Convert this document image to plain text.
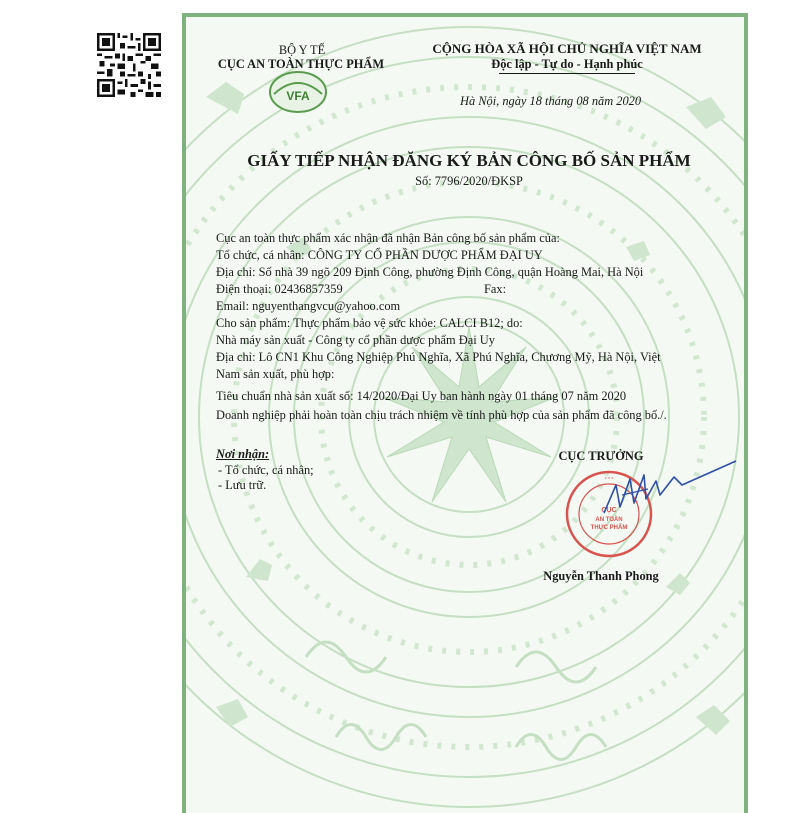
BỘ Y TẾ
CỤC AN TOÀN THỰC PHẨM
VFA
CỘNG HÒA XÃ HỘI CHỦ NGHĨA VIỆT NAM
Độc lập - Tự do - Hạnh phúc
Hà Nội, ngày 18 tháng 08 năm 2020
GIẤY TIẾP NHẬN ĐĂNG KÝ BẢN CÔNG BỐ SẢN PHẨM
Số: 7796/2020/ĐKSP
Cục an toàn thực phẩm xác nhận đã nhận Bản công bố sản phẩm của:
Tổ chức, cá nhân: CÔNG TY CỔ PHẦN DƯỢC PHẨM ĐẠI UY
Địa chỉ: Số nhà 39 ngõ 209 Định Công, phường Định Công, quận Hoàng Mai, Hà Nội
Điện thoại: 02436857359	Fax:
Email: nguyenthangvcu@yahoo.com
Cho sản phẩm: Thực phẩm bảo vệ sức khỏe: CALCI B12; do:
Nhà máy sản xuất - Công ty cổ phần dược phẩm Đại Uy
Địa chỉ: Lô CN1 Khu Công Nghiệp Phú Nghĩa, Xã Phú Nghĩa, Chương Mỹ, Hà Nội, Việt
Nam sản xuất, phù hợp:
Tiêu chuẩn nhà sản xuất số: 14/2020/Đại Uy ban hành ngày 01 tháng 07 năm 2020
Doanh nghiệp phải hoàn toàn chịu trách nhiệm về tính phù hợp của sản phẩm đã công bố./.
Nơi nhận:
- Tổ chức, cá nhân;
- Lưu trữ.
CỤC TRƯỞNG
CỤC
AN TOÀN
THỰC PHẨM
* * *
Nguyễn Thanh Phong
